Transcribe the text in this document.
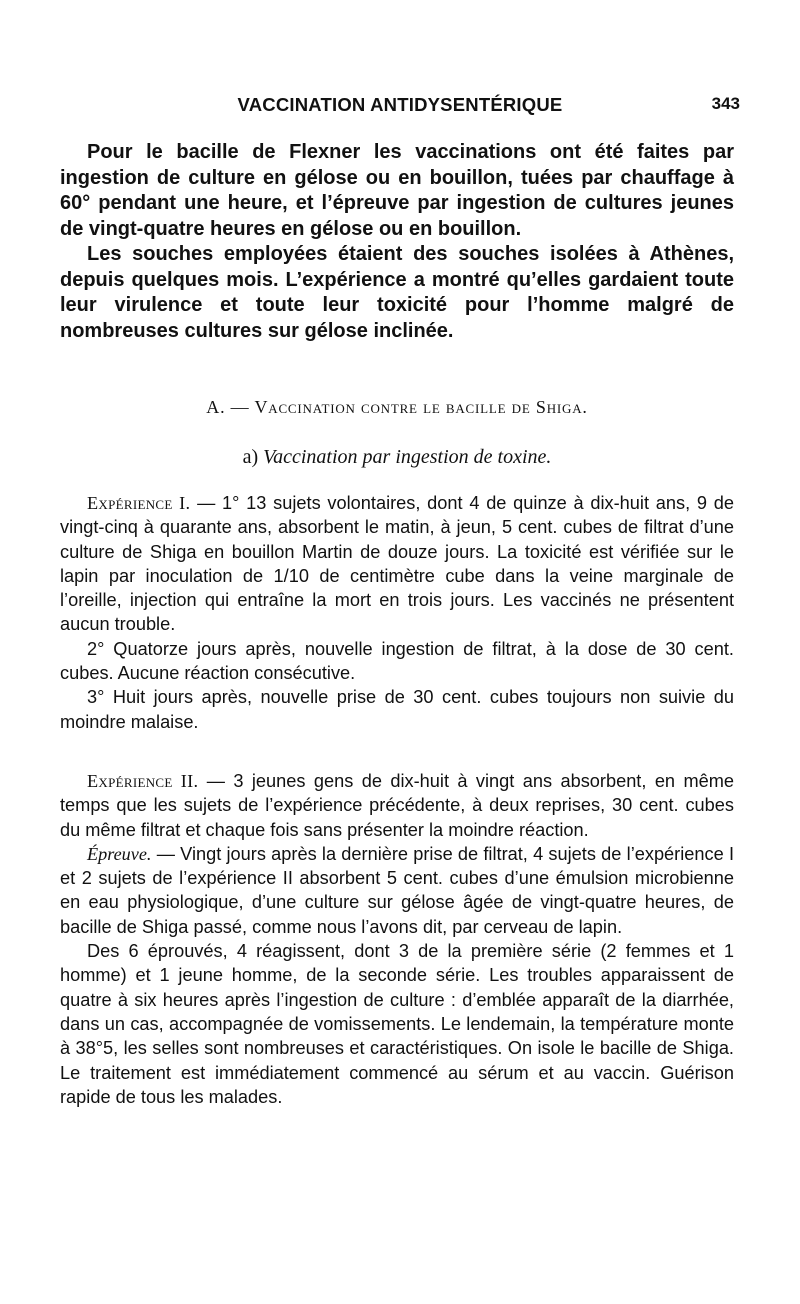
VACCINATION ANTIDYSENTÉRIQUE	343

Pour le bacille de Flexner les vaccinations ont été faites par ingestion de culture en gélose ou en bouillon, tuées par chauffage à 60° pendant une heure, et l’épreuve par ingestion de cultures jeunes de vingt-quatre heures en gélose ou en bouillon.

Les souches employées étaient des souches isolées à Athènes, depuis quelques mois. L’expérience a montré qu’elles gardaient toute leur virulence et toute leur toxicité pour l’homme malgré de nombreuses cultures sur gélose inclinée.

A. — Vaccination contre le bacille de Shiga.
a) Vaccination par ingestion de toxine.

Expérience I. — 1° 13 sujets volontaires, dont 4 de quinze à dix-huit ans, 9 de vingt-cinq à quarante ans, absorbent le matin, à jeun, 5 cent. cubes de filtrat d’une culture de Shiga en bouillon Martin de douze jours. La toxicité est vérifiée sur le lapin par inoculation de 1/10 de centimètre cube dans la veine marginale de l’oreille, injection qui entraîne la mort en trois jours. Les vaccinés ne présentent aucun trouble.

2° Quatorze jours après, nouvelle ingestion de filtrat, à la dose de 30 cent. cubes. Aucune réaction consécutive.

3° Huit jours après, nouvelle prise de 30 cent. cubes toujours non suivie du moindre malaise.

Expérience II. — 3 jeunes gens de dix-huit à vingt ans absorbent, en même temps que les sujets de l’expérience précédente, à deux reprises, 30 cent. cubes du même filtrat et chaque fois sans présenter la moindre réaction.

Épreuve. — Vingt jours après la dernière prise de filtrat, 4 sujets de l’expérience I et 2 sujets de l’expérience II absorbent 5 cent. cubes d’une émulsion microbienne en eau physiologique, d’une culture sur gélose âgée de vingt-quatre heures, de bacille de Shiga passé, comme nous l’avons dit, par cerveau de lapin.

Des 6 éprouvés, 4 réagissent, dont 3 de la première série (2 femmes et 1 homme) et 1 jeune homme, de la seconde série. Les troubles apparaissent de quatre à six heures après l’ingestion de culture : d’emblée apparaît de la diarrhée, dans un cas, accompagnée de vomissements. Le lendemain, la température monte à 38°5, les selles sont nombreuses et caractéristiques. On isole le bacille de Shiga. Le traitement est immédiatement commencé au sérum et au vaccin. Guérison rapide de tous les malades.
